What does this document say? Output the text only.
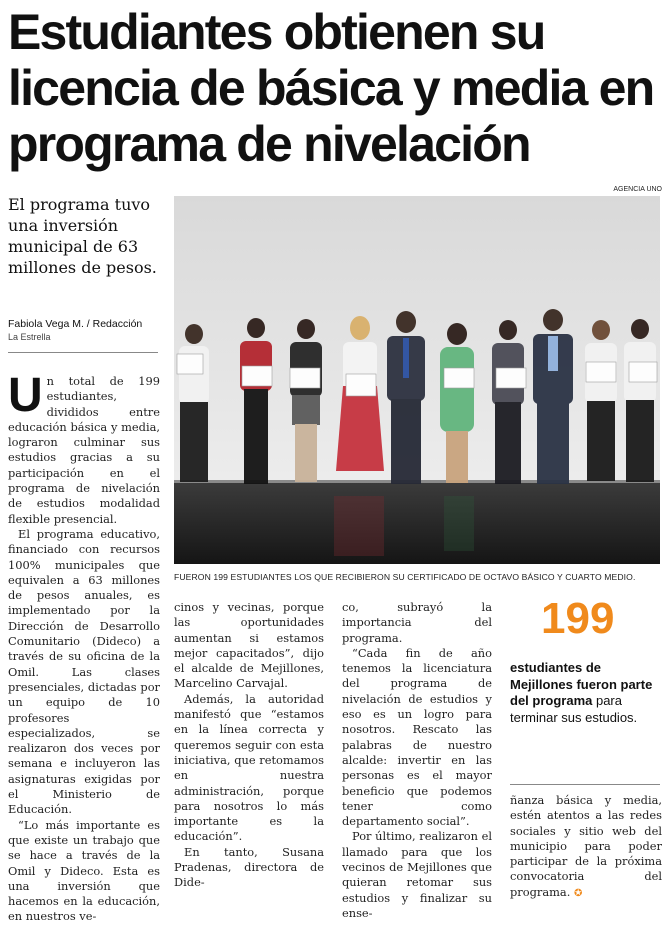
Estudiantes obtienen su licencia de básica y media en programa de nivelación
AGENCIA UNO
El programa tuvo una inversión municipal de 63 millones de pesos.
Fabiola Vega M. / Redacción
La Estrella
FUERON 199 ESTUDIANTES LOS QUE RECIBIERON SU CERTIFICADO DE OCTAVO BÁSICO Y CUARTO MEDIO.

Un total de 199 estudiantes, divididos entre educación básica y media, lograron culminar sus estudios gracias a su participación en el programa de nivelación de estudios modalidad flexible presencial.

El programa educativo, financiado con recursos 100% municipales que equivalen a 63 millones de pesos anuales, es implementado por la Dirección de Desarrollo Comunitario (Dideco) a través de su oficina de la Omil. Las clases presenciales, dictadas por un equipo de 10 profesores especializados, se realizaron dos veces por semana e incluyeron las asignaturas exigidas por el Ministerio de Educación.

“Lo más importante es que existe un trabajo que se hace a través de la Omil y Dideco. Esta es una inversión que hacemos en la educación, en nuestros ve-

cinos y vecinas, porque las oportunidades aumentan si estamos mejor capacitados”, dijo el alcalde de Mejillones, Marcelino Carvajal.

Además, la autoridad manifestó que “estamos en la línea correcta y queremos seguir con esta iniciativa, que retomamos en nuestra administración, porque para nosotros lo más importante es la educación”.

En tanto, Susana Pradenas, directora de Dide-

co, subrayó la importancia del programa.

“Cada fin de año tenemos la licenciatura del programa de nivelación de estudios y eso es un logro para nosotros. Rescato las palabras de nuestro alcalde: invertir en las personas es el mayor beneficio que podemos tener como departamento social”.

Por último, realizaron el llamado para que los vecinos de Mejillones que quieran retomar sus estudios y finalizar su ense-

199
estudiantes de Mejillones fueron parte del programa para terminar sus estudios.

ñanza básica y media, estén atentos a las redes sociales y sitio web del municipio para poder participar de la próxima convocatoria del programa. ✪
